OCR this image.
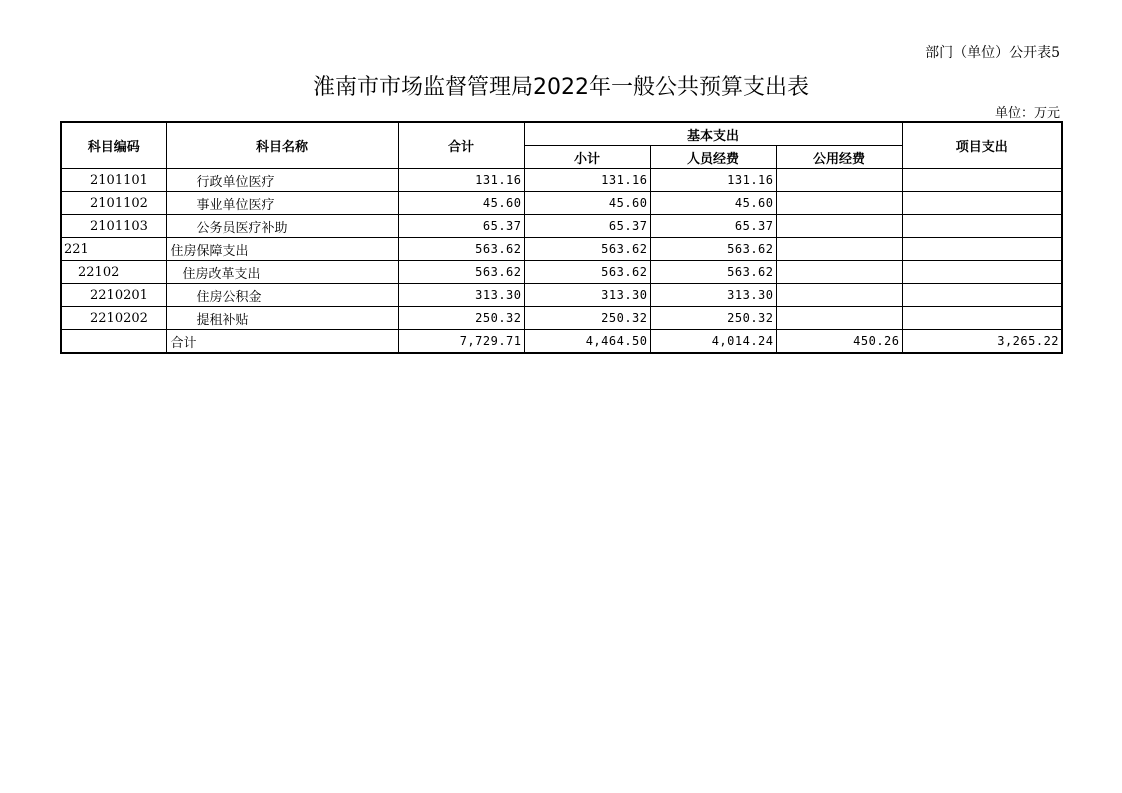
部门（单位）公开表5
淮南市市场监督管理局2022年一般公共预算支出表
单位：万元
科目编码	科目名称	合计	基本支出			项目支出
			小计	人员经费	公用经费	
2101101	行政单位医疗	131.16	131.16	131.16		
2101102	事业单位医疗	45.60	45.60	45.60		
2101103	公务员医疗补助	65.37	65.37	65.37		
221	住房保障支出	563.62	563.62	563.62		
22102	住房改革支出	563.62	563.62	563.62		
2210201	住房公积金	313.30	313.30	313.30		
2210202	提租补贴	250.32	250.32	250.32		
	合计	7,729.71	4,464.50	4,014.24	450.26	3,265.22
